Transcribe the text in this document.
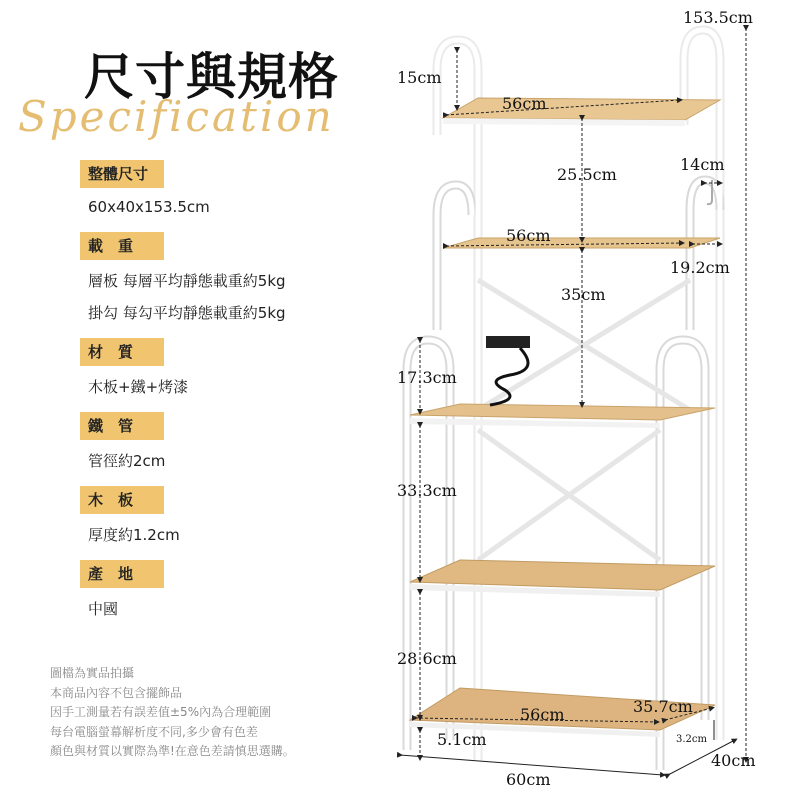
尺寸與規格
Specification
整體尺寸
60x40x153.5cm
載　重
層板 每層平均靜態載重約5kg
掛勾 每勾平均靜態載重約5kg
材　質
木板+鐵+烤漆
鐵　管
管徑約2cm
木　板
厚度約1.2cm
產　地
中國
圖檔為實品拍攝
本商品內容不包含擺飾品
因手工測量若有誤差值±5%內為合理範圍
每台電腦螢幕解析度不同,多少會有色差
顏色與材質以實際為準!在意色差請慎思選購。
153.5cm
15cm
56cm
25.5cm
14cm
56cm
19.2cm
35cm
17.3cm
33.3cm
28.6cm
35.7cm
56cm
5.1cm	3.2cm
40cm
60cm
